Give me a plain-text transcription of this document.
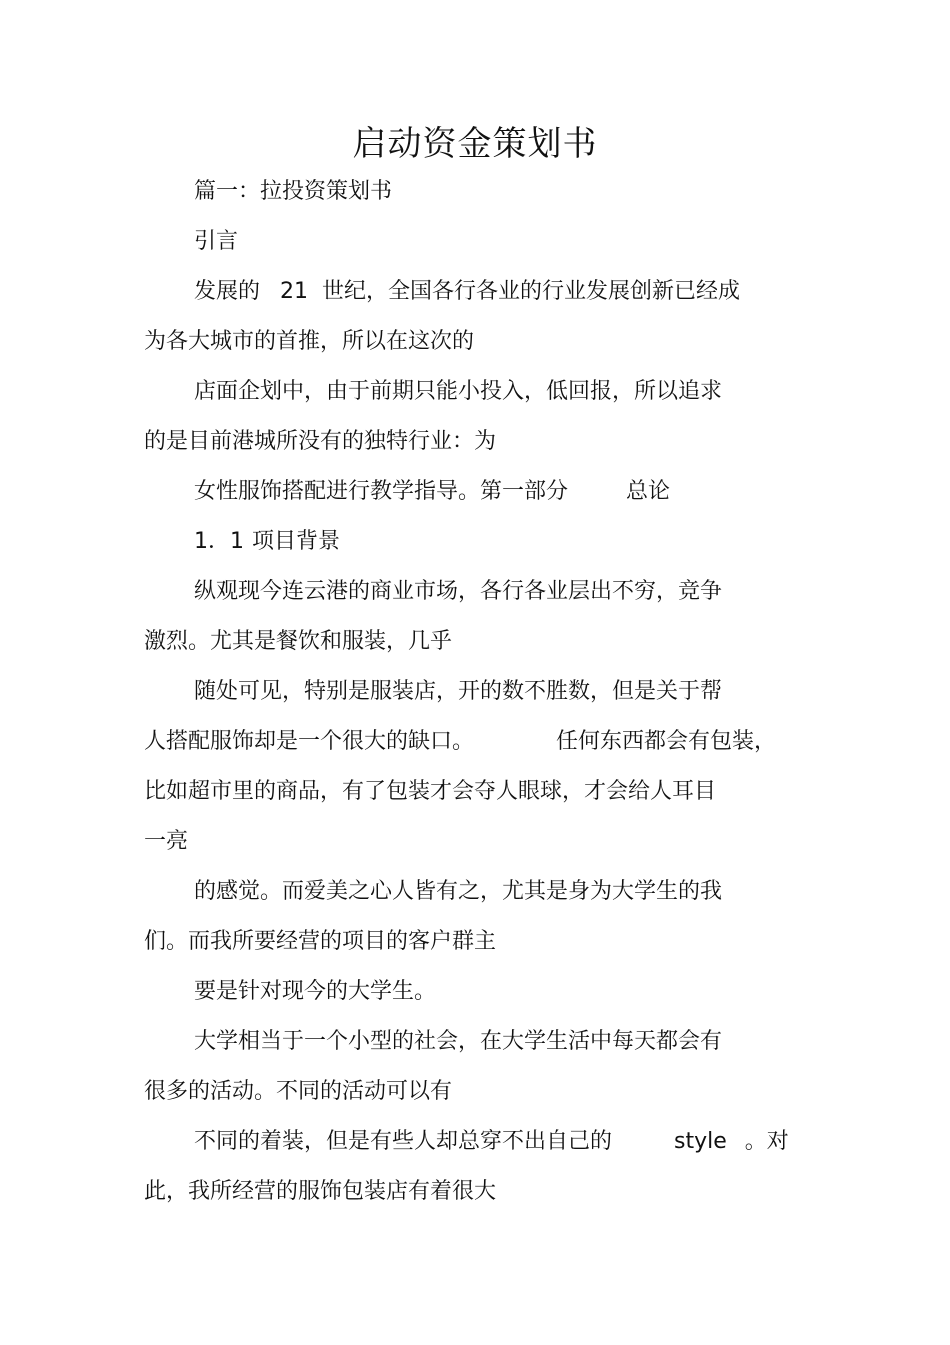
启动资金策划书
篇一：拉投资策划书
引言
发展的 21 世纪，全国各行各业的行业发展创新已经成
为各大城市的首推，所以在这次的
店面企划中，由于前期只能小投入，低回报，所以追求
的是目前港城所没有的独特行业：为
女性服饰搭配进行教学指导。第一部分	总论
1．1 项目背景
纵观现今连云港的商业市场，各行各业层出不穷，竞争
激烈。尤其是餐饮和服装，几乎
随处可见，特别是服装店，开的数不胜数，但是关于帮
人搭配服饰却是一个很大的缺口。	任何东西都会有包装，
比如超市里的商品，有了包装才会夺人眼球，才会给人耳目
一亮
的感觉。而爱美之心人皆有之，尤其是身为大学生的我
们。而我所要经营的项目的客户群主
要是针对现今的大学生。
大学相当于一个小型的社会，在大学生活中每天都会有
很多的活动。不同的活动可以有
不同的着装，但是有些人却总穿不出自己的	style 。对
此，我所经营的服饰包装店有着很大
